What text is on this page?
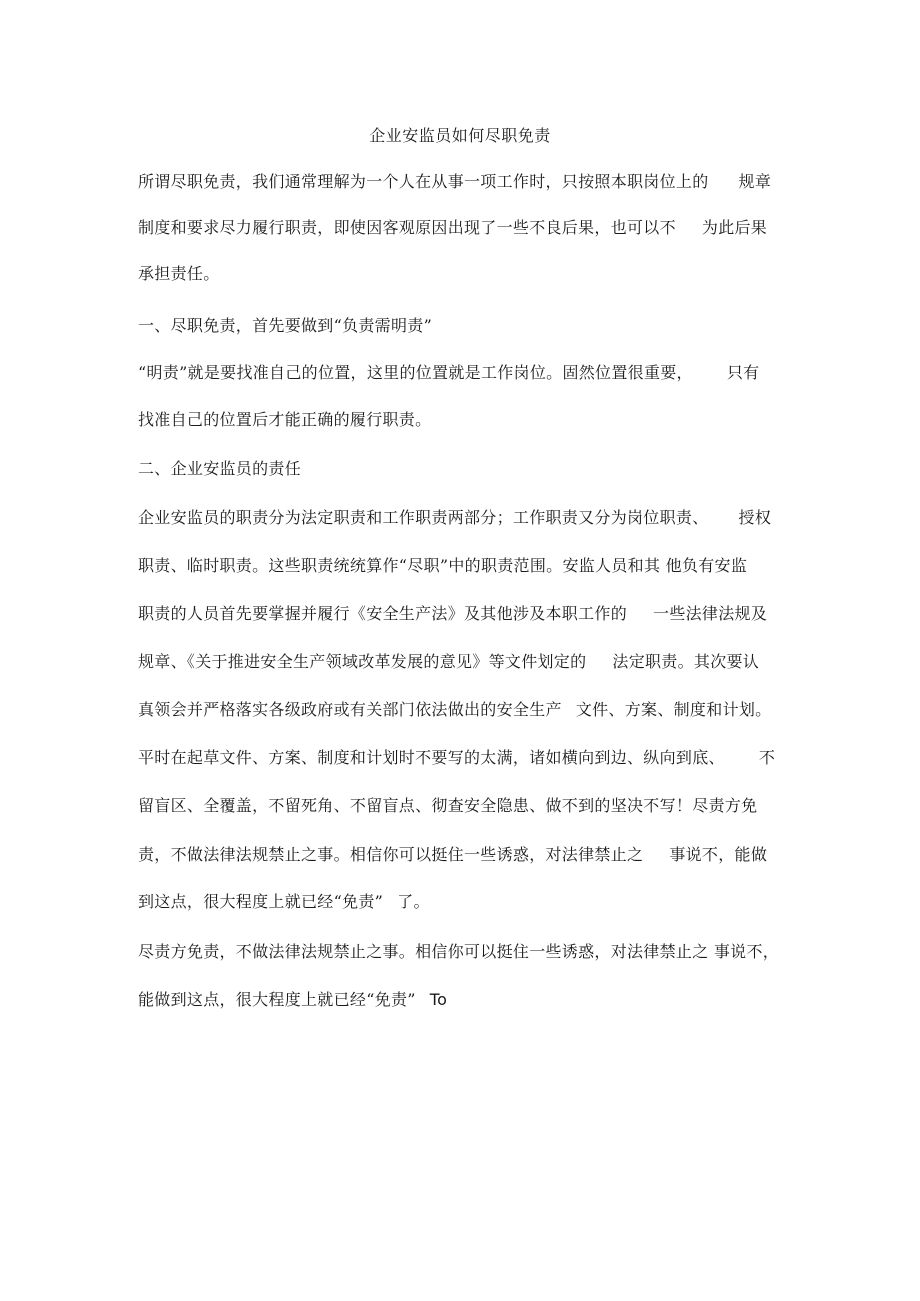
企业安监员如何尽职免责
所谓尽职免责，我们通常理解为一个人在从事一项工作时，只按照本职岗位上的 规章
制度和要求尽力履行职责，即使因客观原因出现了一些不良后果，也可以不 为此后果
承担责任。
一、尽职免责，首先要做到“负责需明责”
“明责”就是要找准自己的位置，这里的位置就是工作岗位。固然位置很重要， 只有
找准自己的位置后才能正确的履行职责。
二、企业安监员的责任
企业安监员的职责分为法定职责和工作职责两部分；工作职责又分为岗位职责、 授权
职责、临时职责。这些职责统统算作“尽职”中的职责范围。安监人员和其 他负有安监
职责的人员首先要掌握并履行《安全生产法》及其他涉及本职工作的 一些法律法规及
规章、《关于推进安全生产领域改革发展的意见》等文件划定的 法定职责。其次要认
真领会并严格落实各级政府或有关部门依法做出的安全生产 文件、方案、制度和计划。
平时在起草文件、方案、制度和计划时不要写的太满，诸如横向到边、纵向到底、 不
留盲区、全覆盖，不留死角、不留盲点、彻查安全隐患、做不到的坚决不写！尽责方免
责，不做法律法规禁止之事。相信你可以挺住一些诱惑，对法律禁止之 事说不，能做
到这点，很大程度上就已经“免责” 了。
尽责方免责，不做法律法规禁止之事。相信你可以挺住一些诱惑，对法律禁止之 事说不，
能做到这点，很大程度上就已经“免责” To
